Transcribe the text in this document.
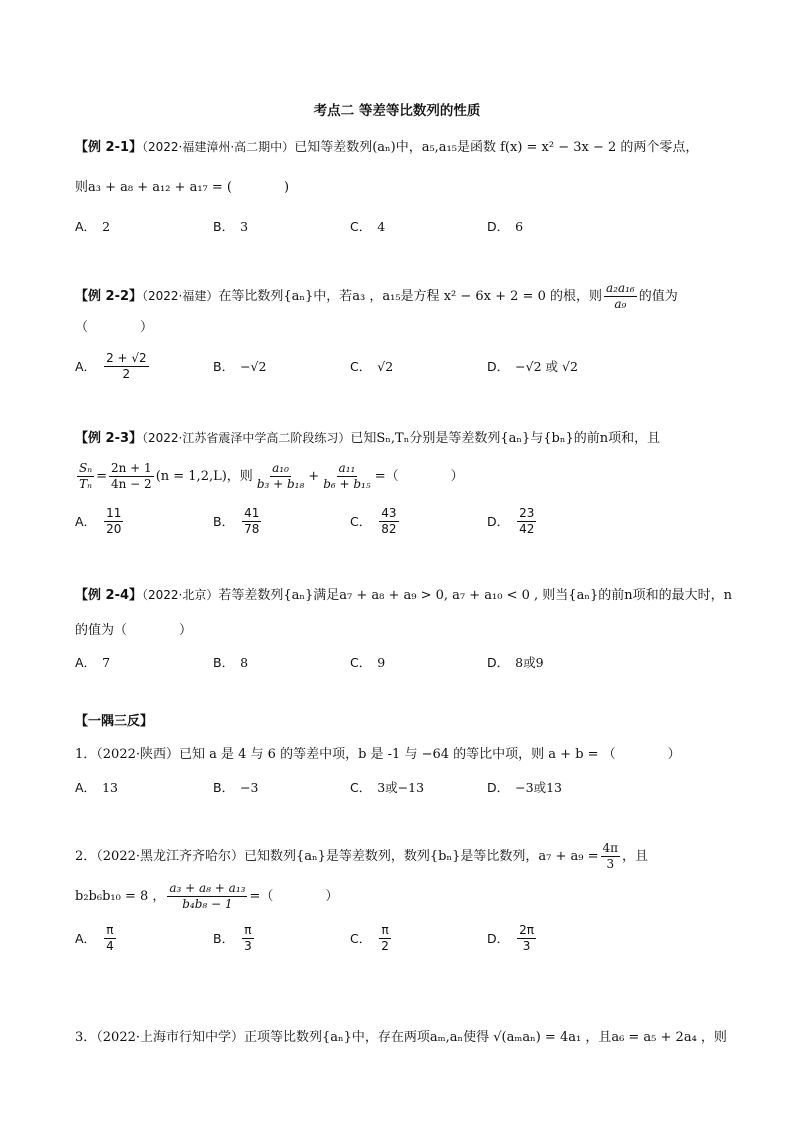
考点二 等差等比数列的性质
【例 2-1】（2022·福建漳州·高二期中）已知等差数列(aₙ)中，a₅,a₁₅是函数 f(x) = x² − 3x − 2 的两个零点，
则a₃ + a₈ + a₁₂ + a₁₇ = (　　　　)
A． 2	B． 3	C． 4	D． 6
【例 2-2】（2022·福建）在等比数列{aₙ}中，若a₃ ，a₁₅是方程 x² − 6x + 2 = 0 的根，则 $\frac{\text{a₂a₁₆}}{\text{a₉}}$ 的值为
（　　　　）
A． $\frac{2 + √2}{2}$	B． −√2	C． √2	D． −√2 或 √2
【例 2-3】（2022·江苏省震泽中学高二阶段练习）已知Sₙ,Tₙ分别是等差数列{aₙ}与{bₙ}的前n项和，且
$\frac{\text{Sₙ}}{\text{Tₙ}} = \frac{2n + 1}{4n - 2} (n = 1,2,L)$，则 $\frac{\text{a₁₀}}{\text{b₃ + b₁₈}} + \frac{\text{a₁₁}}{\text{b₆ + b₁₅}}$ =（　　　　）
A． $\frac{11}{20}$	B． $\frac{41}{78}$	C． $\frac{43}{82}$	D． $\frac{23}{42}$
【例 2-4】（2022·北京）若等差数列{aₙ}满足a₇ + a₈ + a₉ > 0, a₇ + a₁₀ < 0 , 则当{aₙ}的前n项和的最大时，n
的值为（　　　　）
A． 7	B． 8	C． 9	D． 8或9
【一隅三反】
1．（2022·陕西）已知 a 是 4 与 6 的等差中项，b 是 -1 与 −64 的等比中项，则 a + b = （　　　　）
A． 13	B． −3	C． 3或−13	D． −3或13
2．（2022·黑龙江齐齐哈尔）已知数列{aₙ}是等差数列，数列{bₙ}是等比数列，$a_7 + a_9 = \frac{4\pi}{3}$ ，且
b₂b₆b₁₀ = 8 ， $\frac{\text{a₃ + a₈ + a₁₃}}{\text{b₄b₈ − 1}}$ =（　　　　）
A． $\frac{\pi}{4}$	B． $\frac{\pi}{3}$	C． $\frac{\pi}{2}$	D． $\frac{2\pi}{3}$
3．（2022·上海市行知中学）正项等比数列{aₙ}中，存在两项aₘ,aₙ使得 √(aₘaₙ) = 4a₁ ，且a₆ = a₅ + 2a₄ ，则
